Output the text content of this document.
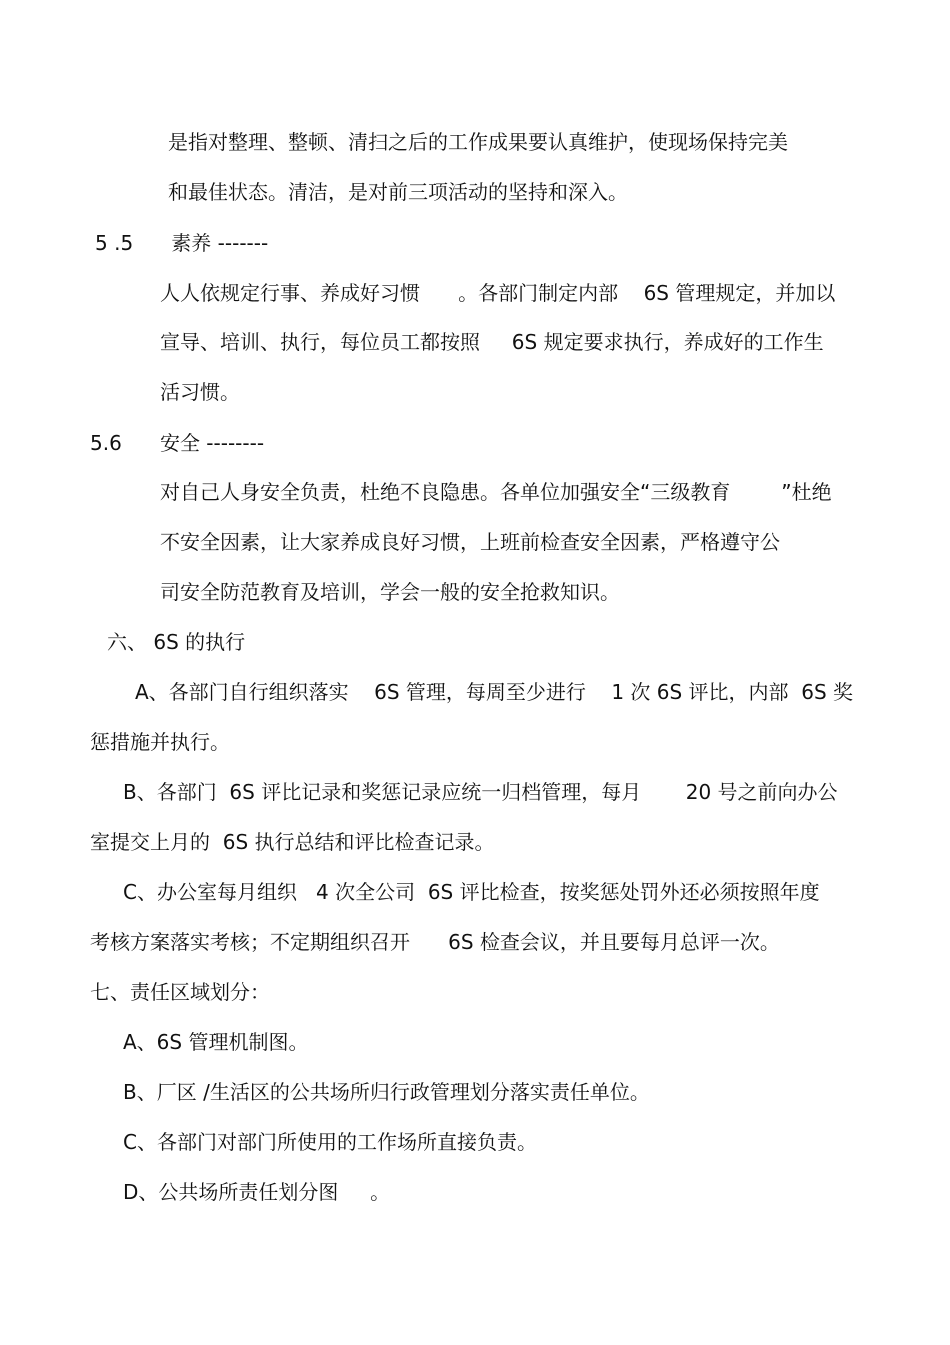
是指对整理、整顿、清扫之后的工作成果要认真维护，使现场保持完美
和最佳状态。清洁，是对前三项活动的坚持和深入。
5 .5      素养 -------
人人依规定行事、养成好习惯      。各部门制定内部    6S 管理规定，并加以
宣导、培训、执行，每位员工都按照     6S 规定要求执行，养成好的工作生
活习惯。
5.6      安全 --------
对自己人身安全负责，杜绝不良隐患。各单位加强安全“三级教育        ”杜绝
不安全因素，让大家养成良好习惯，上班前检查安全因素，严格遵守公
司安全防范教育及培训，学会一般的安全抢救知识。
六、 6S 的执行
A、各部门自行组织落实    6S 管理，每周至少进行    1 次 6S 评比，内部  6S 奖
惩措施并执行。
B、各部门  6S 评比记录和奖惩记录应统一归档管理，每月       20 号之前向办公
室提交上月的  6S 执行总结和评比检查记录。
C、办公室每月组织   4 次全公司  6S 评比检查，按奖惩处罚外还必须按照年度
考核方案落实考核；不定期组织召开      6S 检查会议，并且要每月总评一次。
七、责任区域划分：
A、6S 管理机制图。
B、厂区 /生活区的公共场所归行政管理划分落实责任单位。
C、各部门对部门所使用的工作场所直接负责。
D、公共场所责任划分图     。
